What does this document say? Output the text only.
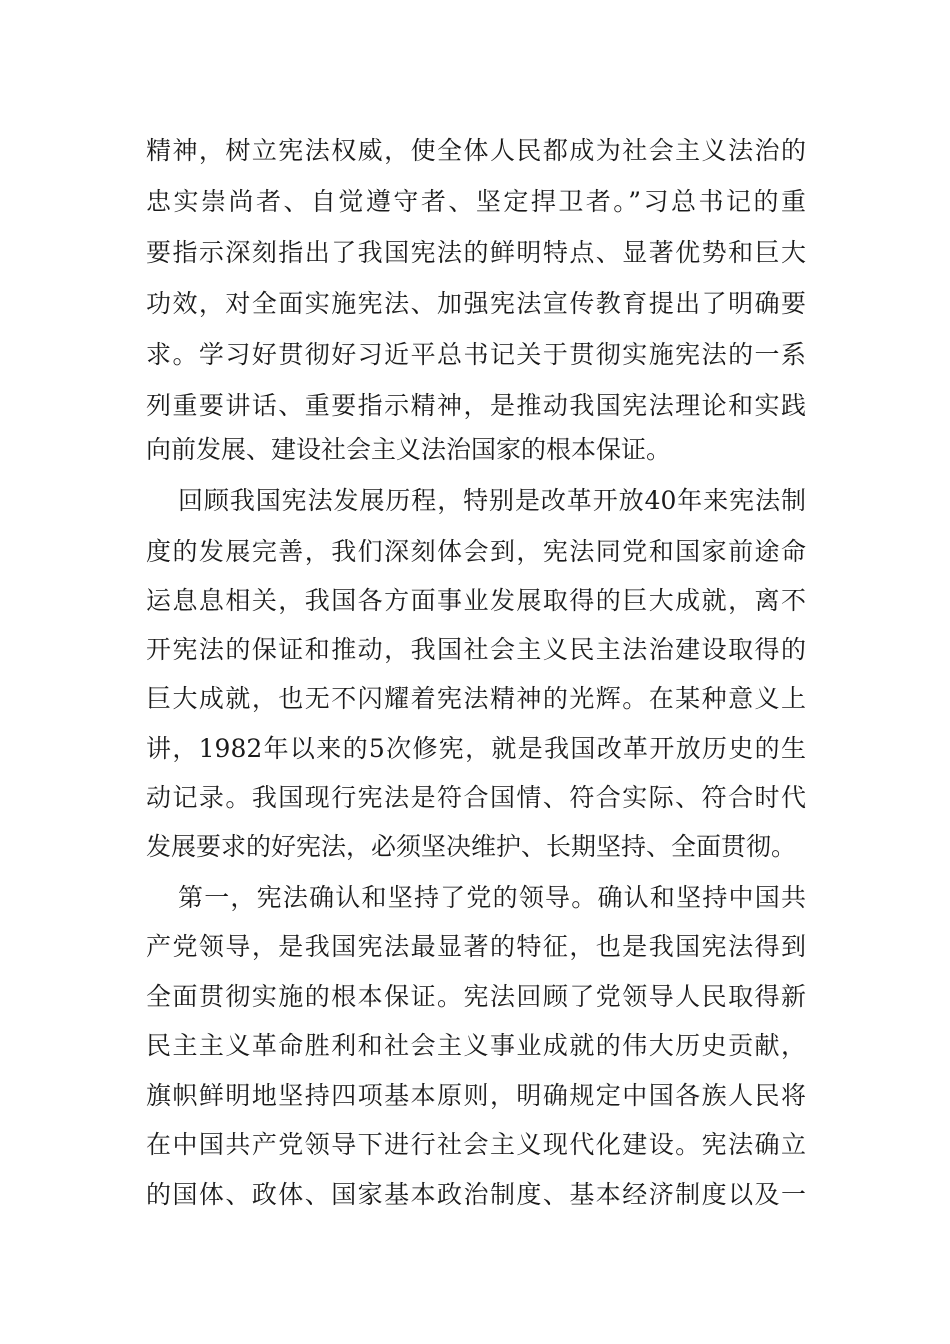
精神，树立宪法权威，使全体人民都成为社会主义法治的
忠实崇尚者、自觉遵守者、坚定捍卫者。”习总书记的重
要指示深刻指出了我国宪法的鲜明特点、显著优势和巨大
功效，对全面实施宪法、加强宪法宣传教育提出了明确要
求。学习好贯彻好习近平总书记关于贯彻实施宪法的一系
列重要讲话、重要指示精神，是推动我国宪法理论和实践
向前发展、建设社会主义法治国家的根本保证。
回顾我国宪法发展历程，特别是改革开放40年来宪法制
度的发展完善，我们深刻体会到，宪法同党和国家前途命
运息息相关，我国各方面事业发展取得的巨大成就，离不
开宪法的保证和推动，我国社会主义民主法治建设取得的
巨大成就，也无不闪耀着宪法精神的光辉。在某种意义上
讲，1982年以来的5次修宪，就是我国改革开放历史的生
动记录。我国现行宪法是符合国情、符合实际、符合时代
发展要求的好宪法，必须坚决维护、长期坚持、全面贯彻。
第一，宪法确认和坚持了党的领导。确认和坚持中国共
产党领导，是我国宪法最显著的特征，也是我国宪法得到
全面贯彻实施的根本保证。宪法回顾了党领导人民取得新
民主主义革命胜利和社会主义事业成就的伟大历史贡献，
旗帜鲜明地坚持四项基本原则，明确规定中国各族人民将
在中国共产党领导下进行社会主义现代化建设。宪法确立
的国体、政体、国家基本政治制度、基本经济制度以及一
